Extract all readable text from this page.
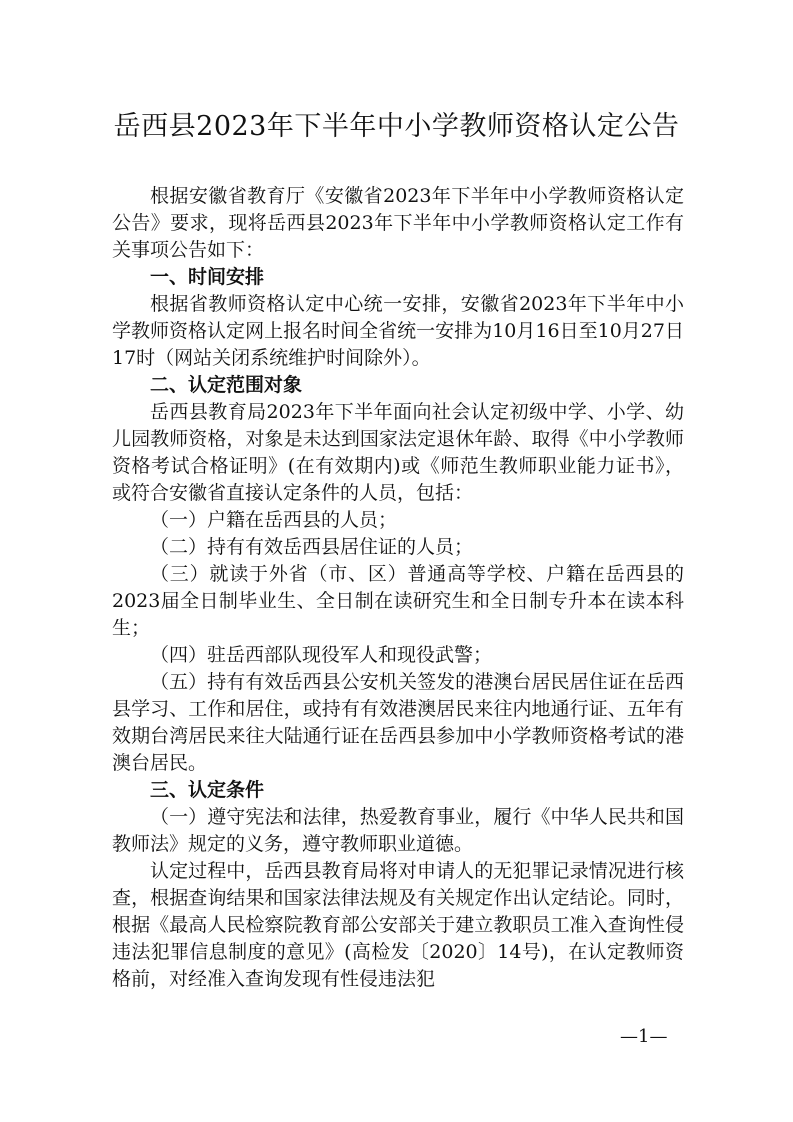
岳西县2023年下半年中小学教师资格认定公告

根据安徽省教育厅《安徽省2023年下半年中小学教师资格认定公告》要求，现将岳西县2023年下半年中小学教师资格认定工作有关事项公告如下：

一、时间安排

根据省教师资格认定中心统一安排，安徽省2023年下半年中小学教师资格认定网上报名时间全省统一安排为10月16日至10月27日17时（网站关闭系统维护时间除外）。

二、认定范围对象

岳西县教育局2023年下半年面向社会认定初级中学、小学、幼儿园教师资格，对象是未达到国家法定退休年龄、取得《中小学教师资格考试合格证明》(在有效期内)或《师范生教师职业能力证书》，或符合安徽省直接认定条件的人员，包括：

（一）户籍在岳西县的人员；

（二）持有有效岳西县居住证的人员；

（三）就读于外省（市、区）普通高等学校、户籍在岳西县的2023届全日制毕业生、全日制在读研究生和全日制专升本在读本科生；

（四）驻岳西部队现役军人和现役武警；

（五）持有有效岳西县公安机关签发的港澳台居民居住证在岳西县学习、工作和居住，或持有有效港澳居民来往内地通行证、五年有效期台湾居民来往大陆通行证在岳西县参加中小学教师资格考试的港澳台居民。

三、认定条件

（一）遵守宪法和法律，热爱教育事业，履行《中华人民共和国教师法》规定的义务，遵守教师职业道德。

认定过程中，岳西县教育局将对申请人的无犯罪记录情况进行核查，根据查询结果和国家法律法规及有关规定作出认定结论。同时，根据《最高人民检察院教育部公安部关于建立教职员工准入查询性侵违法犯罪信息制度的意见》(高检发〔2020〕14号)，在认定教师资格前，对经准入查询发现有性侵违法犯

—1—
